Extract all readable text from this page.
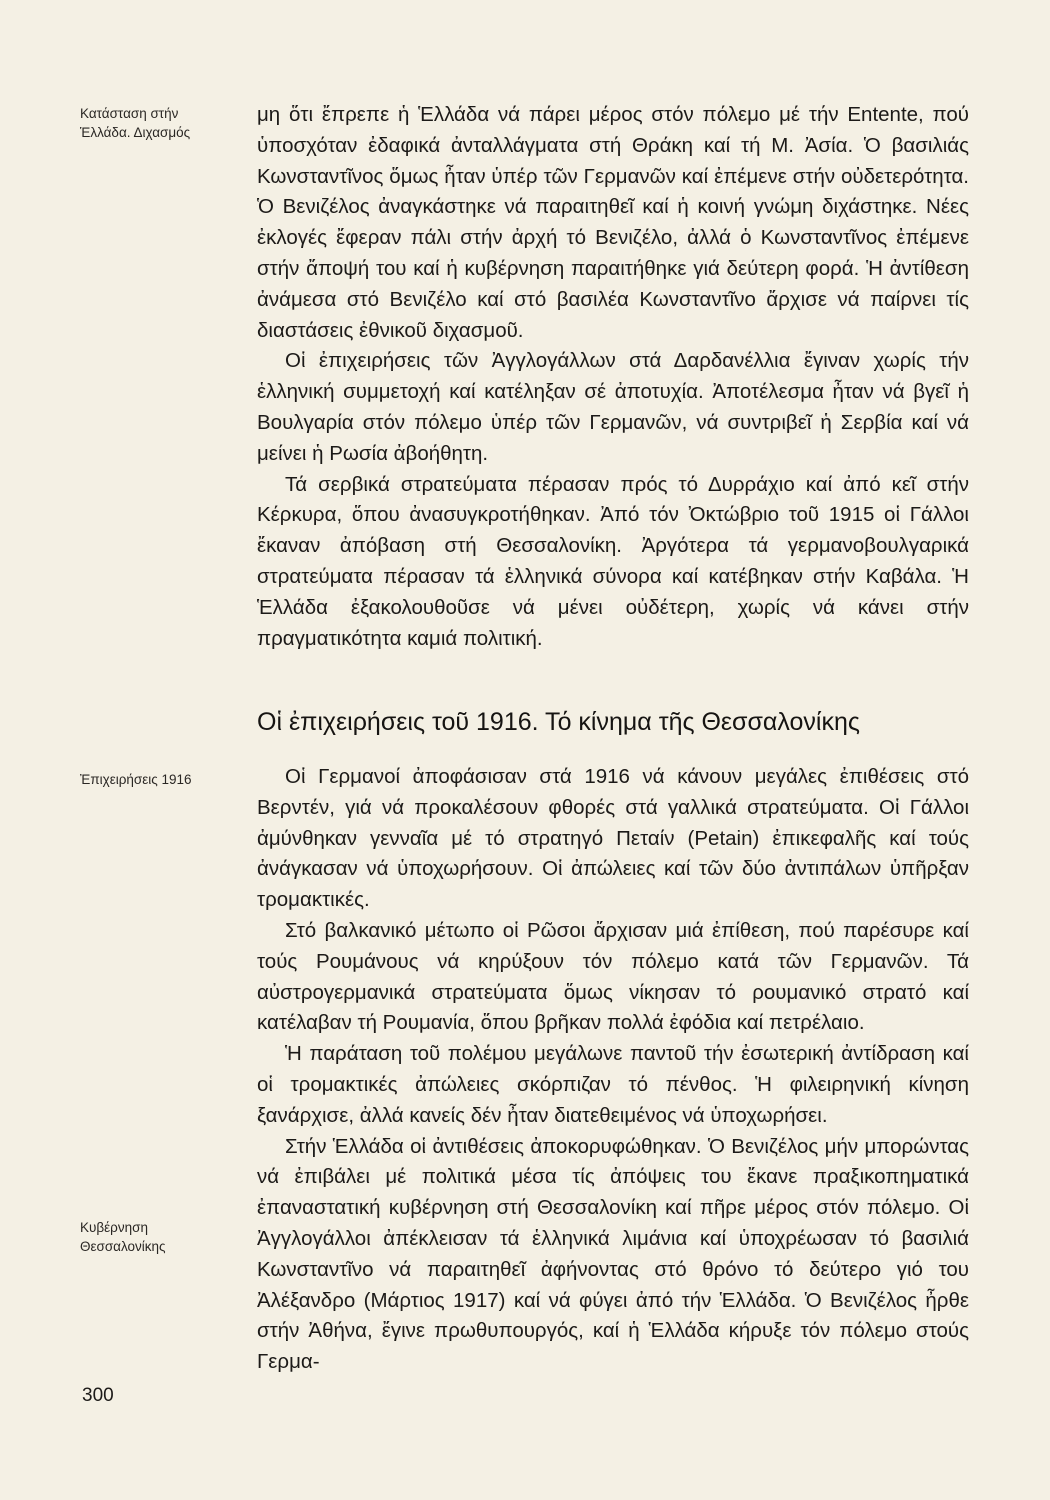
Κατάσταση στήν Ἑλλάδα. Διχασμός

μη ὅτι ἔπρεπε ἡ Ἑλλάδα νά πάρει μέρος στόν πόλεμο μέ τήν Entente, πού ὑποσχόταν ἐδαφικά ἀνταλλάγματα στή Θράκη καί τή Μ. Ἀσία. Ὁ βασιλιάς Κωνσταντῖνος ὅμως ἦταν ὑπέρ τῶν Γερμανῶν καί ἐπέμενε στήν οὐδετερότητα. Ὁ Βενιζέλος ἀναγκάστηκε νά παραιτηθεῖ καί ἡ κοινή γνώμη διχάστηκε. Νέες ἐκλογές ἔφεραν πάλι στήν ἀρχή τό Βενιζέλο, ἀλλά ὁ Κωνσταντῖνος ἐπέμενε στήν ἄποψή του καί ἡ κυβέρνηση παραιτήθηκε γιά δεύτερη φορά. Ἡ ἀντίθεση ἀνάμεσα στό Βενιζέλο καί στό βασιλέα Κωνσταντῖνο ἄρχισε νά παίρνει τίς διαστάσεις ἐθνικοῦ διχασμοῦ.

Οἱ ἐπιχειρήσεις τῶν Ἀγγλογάλλων στά Δαρδανέλλια ἔγιναν χωρίς τήν ἑλληνική συμμετοχή καί κατέληξαν σέ ἀποτυχία. Ἀποτέλεσμα ἦταν νά βγεῖ ἡ Βουλγαρία στόν πόλεμο ὑπέρ τῶν Γερμανῶν, νά συντριβεῖ ἡ Σερβία καί νά μείνει ἡ Ρωσία ἀβοήθητη.

Τά σερβικά στρατεύματα πέρασαν πρός τό Δυρράχιο καί ἀπό κεῖ στήν Κέρκυρα, ὅπου ἀνασυγκροτήθηκαν. Ἀπό τόν Ὀκτώβριο τοῦ 1915 οἱ Γάλλοι ἔκαναν ἀπόβαση στή Θεσσαλονίκη. Ἀργότερα τά γερμανοβουλγαρικά στρατεύματα πέρασαν τά ἑλληνικά σύνορα καί κατέβηκαν στήν Καβάλα. Ἡ Ἑλλάδα ἐξακολουθοῦσε νά μένει οὐδέτερη, χωρίς νά κάνει στήν πραγματικότητα καμιά πολιτική.

Οἱ ἐπιχειρήσεις τοῦ 1916. Τό κίνημα τῆς Θεσσαλονίκης
Ἐπιχειρήσεις 1916	Οἱ Γερμανοί ἀποφάσισαν στά 1916 νά κάνουν μεγάλες ἐπιθέσεις στό Βερντέν, γιά νά προκαλέσουν φθορές στά γαλλικά στρατεύματα. Οἱ Γάλλοι ἀμύνθηκαν γενναῖα μέ τό στρατηγό Πεταίν (Petain) ἐπικεφαλῆς καί τούς ἀνάγκασαν νά ὑποχωρήσουν. Οἱ ἀπώλειες καί τῶν δύο ἀντιπάλων ὑπῆρξαν τρομακτικές.

Στό βαλκανικό μέτωπο οἱ Ρῶσοι ἄρχισαν μιά ἐπίθεση, πού παρέσυρε καί τούς Ρουμάνους νά κηρύξουν τόν πόλεμο κατά τῶν Γερμανῶν. Τά αὐστρογερμανικά στρατεύματα ὅμως νίκησαν τό ρουμανικό στρατό καί κατέλαβαν τή Ρουμανία, ὅπου βρῆκαν πολλά ἐφόδια καί πετρέλαιο.

Ἡ παράταση τοῦ πολέμου μεγάλωνε παντοῦ τήν ἐσωτερική ἀντίδραση καί οἱ τρομακτικές ἀπώλειες σκόρπιζαν τό πένθος. Ἡ φιλειρηνική κίνηση ξανάρχισε, ἀλλά κανείς δέν ἦταν διατεθειμένος νά ὑποχωρήσει.

Στήν Ἑλλάδα οἱ ἀντιθέσεις ἀποκορυφώθηκαν. Ὁ Βενιζέλος μήν μπορώντας νά ἐπιβάλει μέ πολιτικά μέσα τίς ἀπόψεις του ἔκανε πραξικοπηματικά ἐπαναστατική κυβέρνηση στή Θεσσαλονίκη καί πῆρε μέρος στόν πόλεμο. Οἱ Ἀγγλογάλλοι ἀπέκλεισαν τά ἑλληνικά λιμάνια καί ὑποχρέωσαν τό βασιλιά Κωνσταντῖνο νά παραιτηθεῖ ἀφήνοντας στό θρόνο τό δεύτερο γιό του Ἀλέξανδρο (Μάρτιος 1917) καί νά φύγει ἀπό τήν Ἑλλάδα. Ὁ Βενιζέλος ἦρθε στήν Ἀθήνα, ἔγινε πρωθυπουργός, καί ἡ Ἑλλάδα κήρυξε τόν πόλεμο στούς Γερμα-

Κυβέρνηση Θεσσαλονίκης
300
